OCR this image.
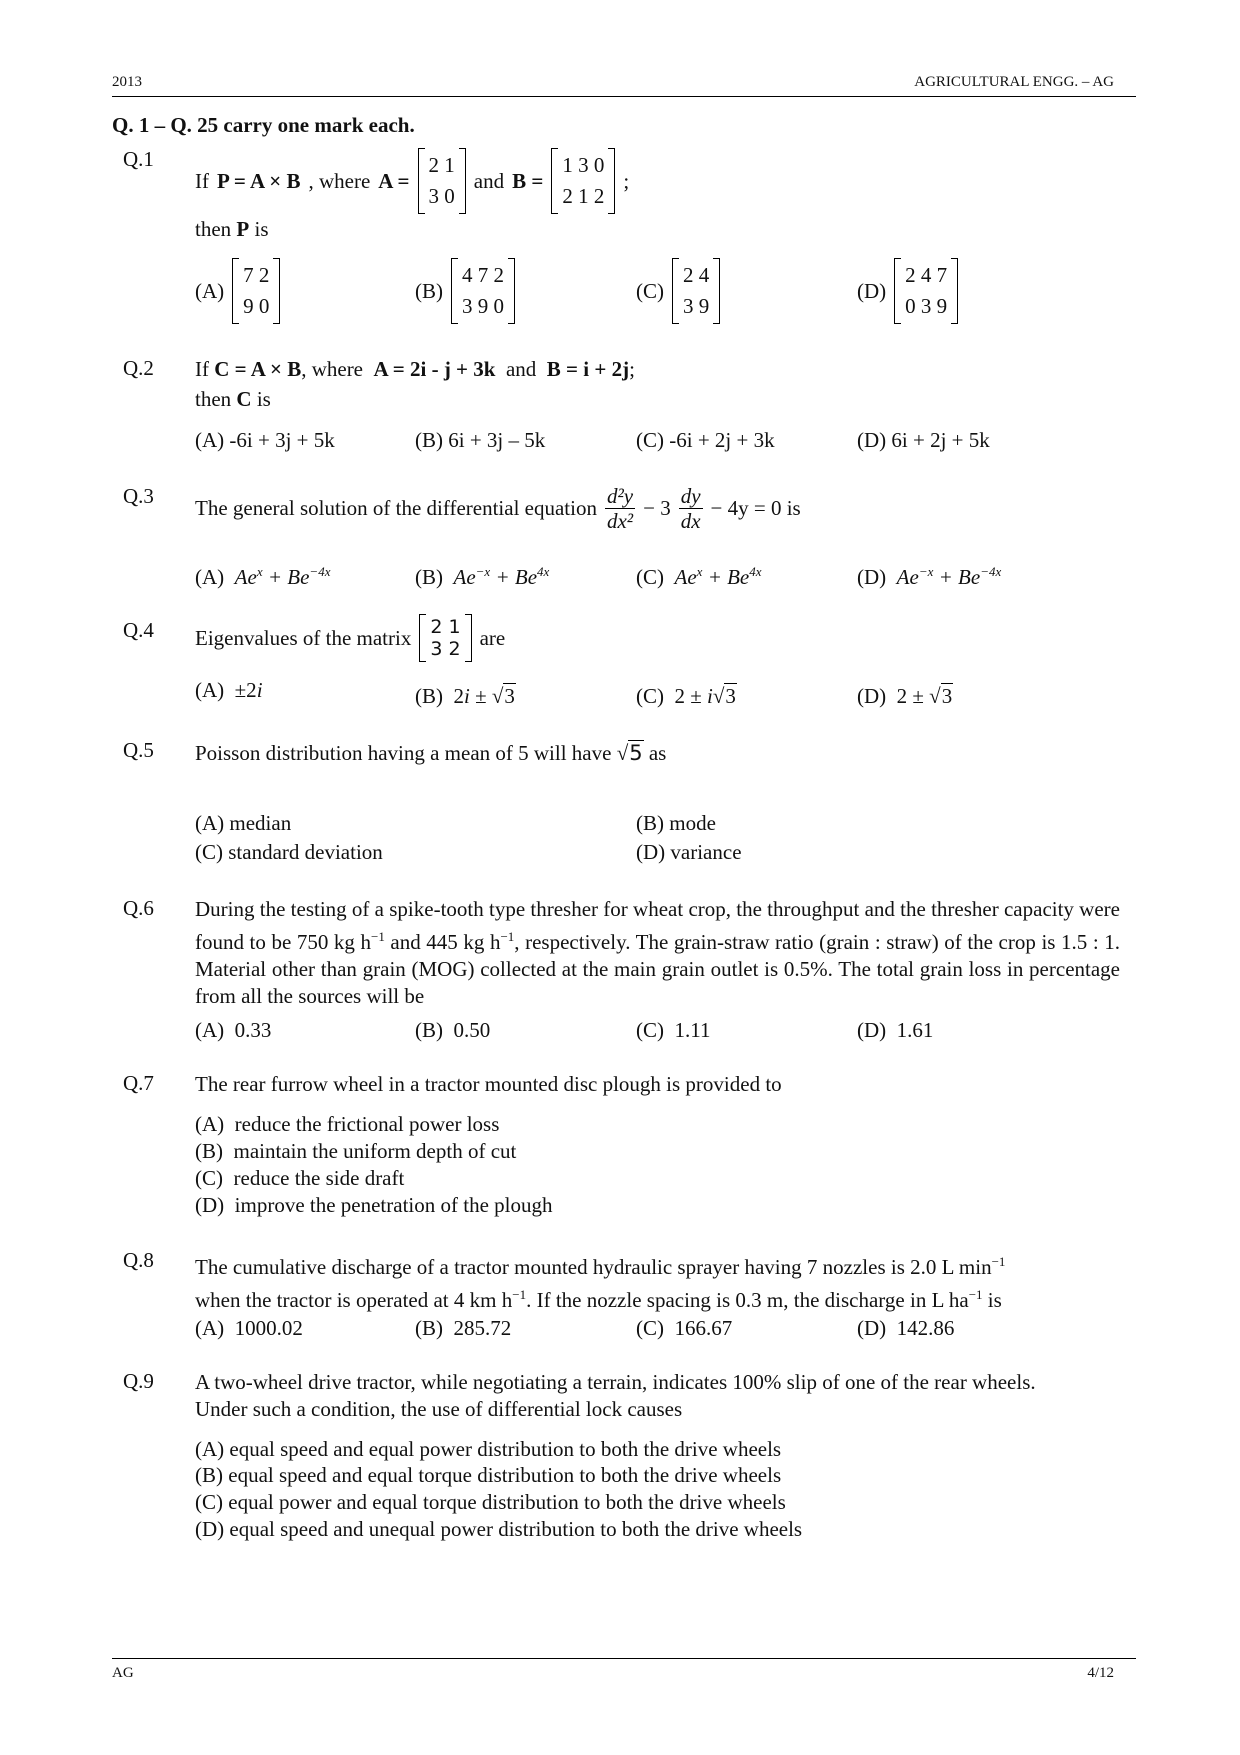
2013	AGRICULTURAL ENGG. – AG
Q. 1 – Q. 25 carry one mark each.
Q.1
If P = A × B , where A =
2 1
3 0
and B =
1 3 0
2 1 2
;
then P is
(A)
7 2
9 0
(B)
4 7 2
3 9 0
(C)
2 4
3 9
(D)
2 4 7
0 3 9
Q.2 If C = A × B, where A = 2i - j + 3k and B = i + 2j;
then C is
(A) -6i + 3j + 5k	(B) 6i + 3j – 5k	(C) -6i + 2j + 3k	(D) 6i + 2j + 5k
Q.3 The general solution of the differential equation $\frac{\text{d²y}}{\text{dx²}} - 3 \frac{dy}{dx} - 4y = 0$ is
(A) $Ae^x + Be^{-4x}$	(B) $Ae^{-x} + Be^{4x}$	(C) $Ae^x + Be^{4x}$	(D) $Ae^{-x} + Be^{-4x}$
Q.4 Eigenvalues of the matrix 2 1
3 2 are
(A) ±2i	(B) 2i ± √3	(C) 2 ± i√3	(D) 2 ± √3
Q.5 Poisson distribution having a mean of 5 will have √5 as
(A) median	(B) mode
(C) standard deviation	(D) variance
Q.6 During the testing of a spike-tooth type thresher for wheat crop, the throughput and the thresher capacity were found to be 750 kg $h^{-1}$ and 445 kg $h^{-1}$, respectively. The grain-straw ratio (grain : straw) of the crop is 1.5 : 1. Material other than grain (MOG) collected at the main grain outlet is 0.5%. The total grain loss in percentage from all the sources will be
(A) 0.33	(B) 0.50	(C) 1.11	(D) 1.61
Q.7 The rear furrow wheel in a tractor mounted disc plough is provided to
(A) reduce the frictional power loss
(B) maintain the uniform depth of cut
(C) reduce the side draft
(D) improve the penetration of the plough
Q.8 The cumulative discharge of a tractor mounted hydraulic sprayer having 7 nozzles is 2.0 L $\min^{-1}$
when the tractor is operated at 4 km $h^{-1}$. If the nozzle spacing is 0.3 m, the discharge in L $ha^{-1}$ is
(A) 1000.02	(B) 285.72	(C) 166.67	(D) 142.86
Q.9 A two-wheel drive tractor, while negotiating a terrain, indicates 100% slip of one of the rear wheels. Under such a condition, the use of differential lock causes
(A) equal speed and equal power distribution to both the drive wheels
(B) equal speed and equal torque distribution to both the drive wheels
(C) equal power and equal torque distribution to both the drive wheels
(D) equal speed and unequal power distribution to both the drive wheels
AG	4/12
